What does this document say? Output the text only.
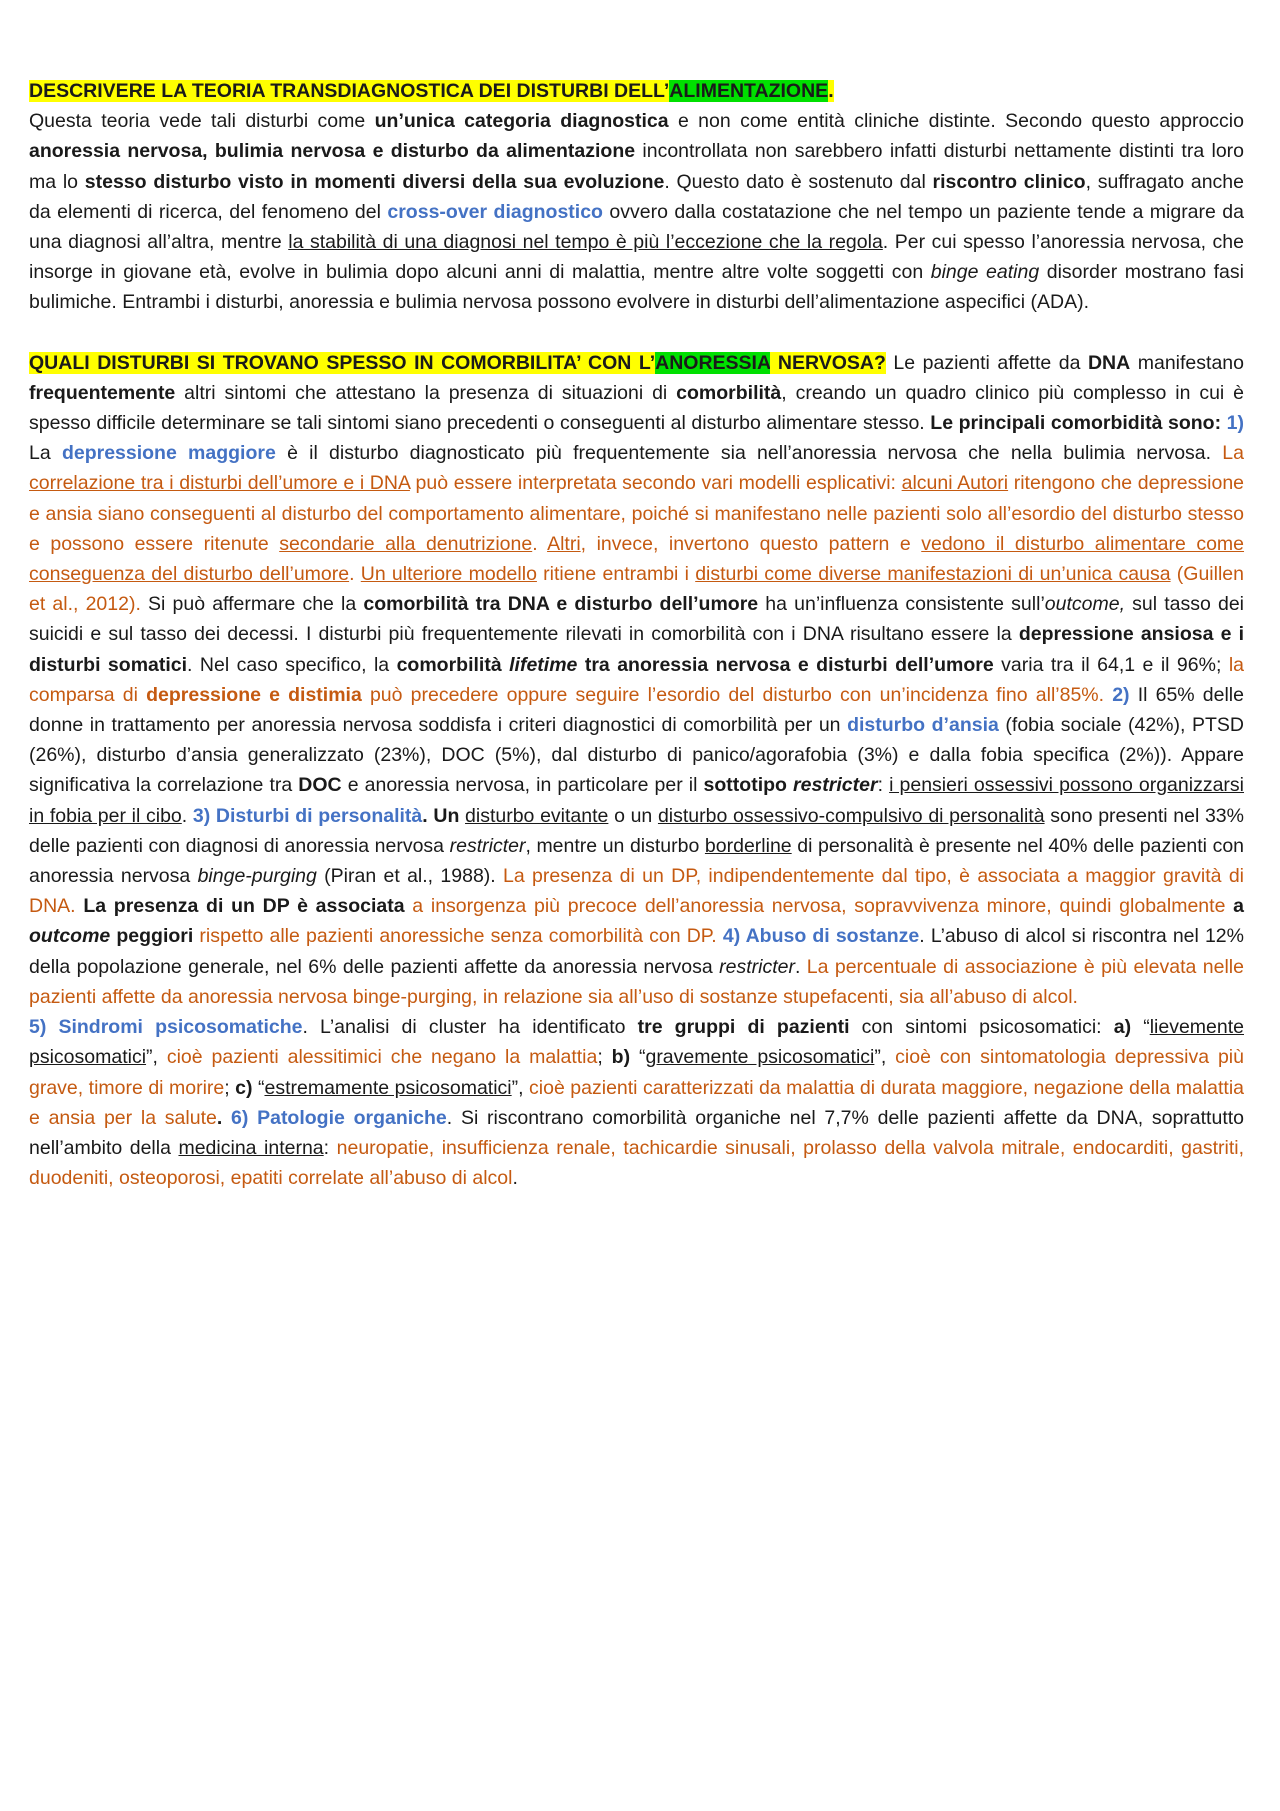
DESCRIVERE LA TEORIA TRANSDIAGNOSTICA DEI DISTURBI DELL’ALIMENTAZIONE.
Questa teoria vede tali disturbi come un’unica categoria diagnostica e non come entità cliniche distinte. Secondo questo approccio anoressia nervosa, bulimia nervosa e disturbo da alimentazione incontrollata non sarebbero infatti disturbi nettamente distinti tra loro ma lo stesso disturbo visto in momenti diversi della sua evoluzione. Questo dato è sostenuto dal riscontro clinico, suffragato anche da elementi di ricerca, del fenomeno del cross-over diagnostico ovvero dalla costatazione che nel tempo un paziente tende a migrare da una diagnosi all’altra, mentre la stabilità di una diagnosi nel tempo è più l’eccezione che la regola. Per cui spesso l’anoressia nervosa, che insorge in giovane età, evolve in bulimia dopo alcuni anni di malattia, mentre altre volte soggetti con binge eating disorder mostrano fasi bulimiche. Entrambi i disturbi, anoressia e bulimia nervosa possono evolvere in disturbi dell’alimentazione aspecifici (ADA).

QUALI DISTURBI SI TROVANO SPESSO IN COMORBILITA’ CON L’ANORESSIA NERVOSA? Le pazienti affette da DNA manifestano frequentemente altri sintomi che attestano la presenza di situazioni di comorbilità, creando un quadro clinico più complesso in cui è spesso difficile determinare se tali sintomi siano precedenti o conseguenti al disturbo alimentare stesso. Le principali comorbidità sono: 1) La depressione maggiore è il disturbo diagnosticato più frequentemente sia nell’anoressia nervosa che nella bulimia nervosa. La correlazione tra i disturbi dell’umore e i DNA può essere interpretata secondo vari modelli esplicativi: alcuni Autori ritengono che depressione e ansia siano conseguenti al disturbo del comportamento alimentare, poiché si manifestano nelle pazienti solo all’esordio del disturbo stesso e possono essere ritenute secondarie alla denutrizione. Altri, invece, invertono questo pattern e vedono il disturbo alimentare come conseguenza del disturbo dell’umore. Un ulteriore modello ritiene entrambi i disturbi come diverse manifestazioni di un’unica causa (Guillen et al., 2012). Si può affermare che la comorbilità tra DNA e disturbo dell’umore ha un’influenza consistente sull’outcome, sul tasso dei suicidi e sul tasso dei decessi. I disturbi più frequentemente rilevati in comorbilità con i DNA risultano essere la depressione ansiosa e i disturbi somatici. Nel caso specifico, la comorbilità lifetime tra anoressia nervosa e disturbi dell’umore varia tra il 64,1 e il 96%; la comparsa di depressione e distimia può precedere oppure seguire l’esordio del disturbo con un’incidenza fino all’85%. 2) Il 65% delle donne in trattamento per anoressia nervosa soddisfa i criteri diagnostici di comorbilità per un disturbo d’ansia (fobia sociale (42%), PTSD (26%), disturbo d’ansia generalizzato (23%), DOC (5%), dal disturbo di panico/agorafobia (3%) e dalla fobia specifica (2%)). Appare significativa la correlazione tra DOC e anoressia nervosa, in particolare per il sottotipo restricter: i pensieri ossessivi possono organizzarsi in fobia per il cibo. 3) Disturbi di personalità. Un disturbo evitante o un disturbo ossessivo-compulsivo di personalità sono presenti nel 33% delle pazienti con diagnosi di anoressia nervosa restricter, mentre un disturbo borderline di personalità è presente nel 40% delle pazienti con anoressia nervosa binge-purging (Piran et al., 1988). La presenza di un DP, indipendentemente dal tipo, è associata a maggior gravità di DNA. La presenza di un DP è associata a insorgenza più precoce dell’anoressia nervosa, sopravvivenza minore, quindi globalmente a outcome peggiori rispetto alle pazienti anoressiche senza comorbilità con DP. 4) Abuso di sostanze. L’abuso di alcol si riscontra nel 12% della popolazione generale, nel 6% delle pazienti affette da anoressia nervosa restricter. La percentuale di associazione è più elevata nelle pazienti affette da anoressia nervosa binge-purging, in relazione sia all’uso di sostanze stupefacenti, sia all’abuso di alcol.
5) Sindromi psicosomatiche. L’analisi di cluster ha identificato tre gruppi di pazienti con sintomi psicosomatici: a) “lievemente psicosomatici”, cioè pazienti alessitimici che negano la malattia; b) “gravemente psicosomatici”, cioè con sintomatologia depressiva più grave, timore di morire; c) “estremamente psicosomatici”, cioè pazienti caratterizzati da malattia di durata maggiore, negazione della malattia e ansia per la salute. 6) Patologie organiche. Si riscontrano comorbilità organiche nel 7,7% delle pazienti affette da DNA, soprattutto nell’ambito della medicina interna: neuropatie, insufficienza renale, tachicardie sinusali, prolasso della valvola mitrale, endocarditi, gastriti, duodeniti, osteoporosi, epatiti correlate all’abuso di alcol.
